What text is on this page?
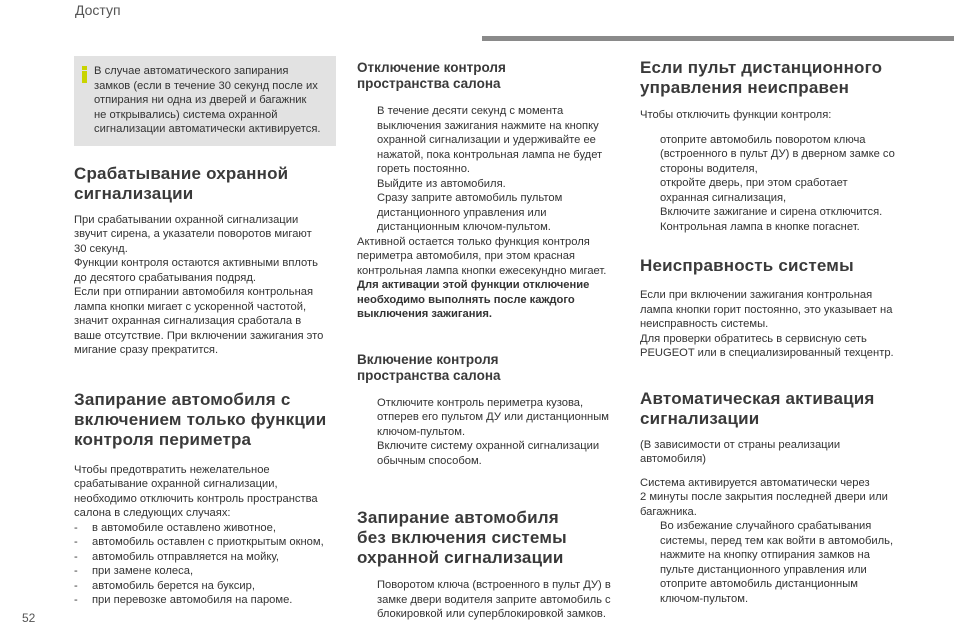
Доступ

В случае автоматического запирания
замков (если в течение 30 секунд после их
отпирания ни одна из дверей и багажник
не открывались) система охранной
сигнализации автоматически активируется.

Срабатывание охранной
сигнализации

При срабатывании охранной сигнализации
звучит сирена, а указатели поворотов мигают
30 секунд.

Функции контроля остаются активными вплоть
до десятого срабатывания подряд.

Если при отпирании автомобиля контрольная
лампа кнопки мигает с ускоренной частотой,
значит охранная сигнализация сработала в
ваше отсутствие. При включении зажигания это
мигание сразу прекратится.

Запирание автомобиля с
включением только функции
контроля периметра

Чтобы предотвратить нежелательное
срабатывание охранной сигнализации,
необходимо отключить контроль пространства
салона в следующих случаях:

-	в автомобиле оставлено животное,
-	автомобиль оставлен с приоткрытым окном,
-	автомобиль отправляется на мойку,
-	при замене колеса,
-	автомобиль берется на буксир,
-	при перевозке автомобиля на пароме.
Отключение контроля
пространства салона
В течение десяти секунд с момента
выключения зажигания нажмите на кнопку
охранной сигнализации и удерживайте ее
нажатой, пока контрольная лампа не будет
гореть постоянно.
Выйдите из автомобиля.
Сразу заприте автомобиль пультом
дистанционного управления или
дистанционным ключом-пультом.

Активной остается только функция контроля
периметра автомобиля, при этом красная
контрольная лампа кнопки ежесекундно мигает.

Для активации этой функции отключение
необходимо выполнять после каждого
выключения зажигания.

Включение контроля
пространства салона
Отключите контроль периметра кузова,
отперев его пультом ДУ или дистанционным
ключом-пультом.
Включите систему охранной сигнализации
обычным способом.
Запирание автомобиля
без включения системы
охранной сигнализации
Поворотом ключа (встроенного в пульт ДУ) в
замке двери водителя заприте автомобиль с
блокировкой или суперблокировкой замков.
Если пульт дистанционного
управления неисправен

Чтобы отключить функции контроля:

отоприте автомобиль поворотом ключа
(встроенного в пульт ДУ) в дверном замке со
стороны водителя,
откройте дверь, при этом сработает
охранная сигнализация,
Включите зажигание и сирена отключится.
Контрольная лампа в кнопке погаснет.
Неисправность системы

Если при включении зажигания контрольная
лампа кнопки горит постоянно, это указывает на
неисправность системы.

Для проверки обратитесь в сервисную сеть
PEUGEOT или в специализированный техцентр.

Автоматическая активация
сигнализации

(В зависимости от страны реализации
автомобиля)

Система активируется автоматически через
2 минуты после закрытия последней двери или
багажника.

Во избежание случайного срабатывания
системы, перед тем как войти в автомобиль,
нажмите на кнопку отпирания замков на
пульте дистанционного управления или
отоприте автомобиль дистанционным
ключом-пультом.
52
